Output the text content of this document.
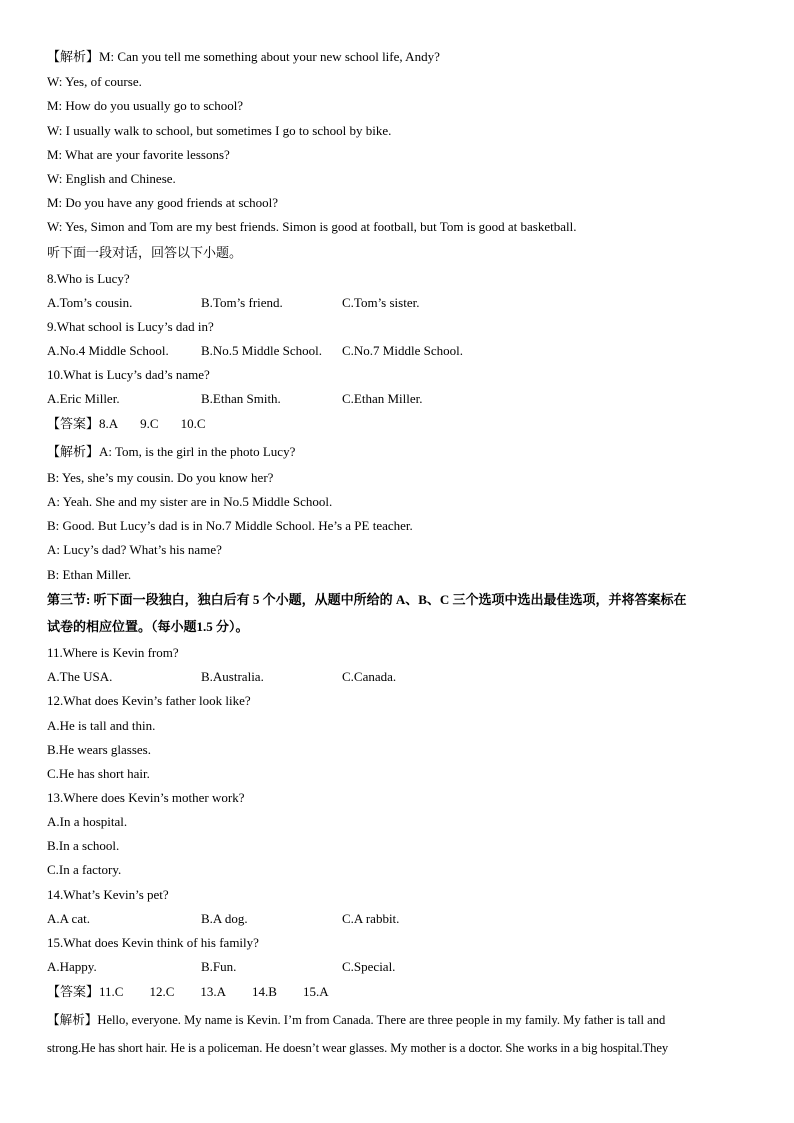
【解析】M: Can you tell me something about your new school life, Andy?
W: Yes, of course.
M: How do you usually go to school?
W: I usually walk to school, but sometimes I go to school by bike.
M: What are your favorite lessons?
W: English and Chinese.
M: Do you have any good friends at school?
W: Yes, Simon and Tom are my best friends. Simon is good at football, but Tom is good at basketball.
听下面一段对话，回答以下小题。
8.Who is Lucy?
A.Tom’s cousin.	B.Tom’s friend.	C.Tom’s sister.
9.What school is Lucy’s dad in?
A.No.4 Middle School. B.No.5 Middle School. C.No.7 Middle School.
10.What is Lucy’s dad’s name?
A.Eric Miller.	B.Ethan Smith.	C.Ethan Miller.
【答案】8.A 9.C 10.C
【解析】A: Tom, is the girl in the photo Lucy?
B: Yes, she’s my cousin. Do you know her?
A: Yeah. She and my sister are in No.5 Middle School.
B: Good. But Lucy’s dad is in No.7 Middle School. He’s a PE teacher.
A: Lucy’s dad? What’s his name?
B: Ethan Miller.
第三节: 听下面一段独白，独白后有 5 个小题，从题中所给的 A、B、C 三个选项中选出最佳选项，并将答案标在
试卷的相应位置。（每小题1.5 分）。
11.Where is Kevin from?
A.The USA.	B.Australia.	C.Canada.
12.What does Kevin’s father look like?
A.He is tall and thin.
B.He wears glasses.
C.He has short hair.
13.Where does Kevin’s mother work?
A.In a hospital.
B.In a school.
C.In a factory.
14.What’s Kevin’s pet?
A.A cat.	B.A dog.	C.A rabbit.
15.What does Kevin think of his family?
A.Happy.	B.Fun.	C.Special.
【答案】11.C 12.C 13.A 14.B 15.A
【解析】Hello, everyone. My name is Kevin. I’m from Canada. There are three people in my family. My father is tall and
strong.He has short hair. He is a policeman. He doesn’t wear glasses. My mother is a doctor. She works in a big hospital.They
